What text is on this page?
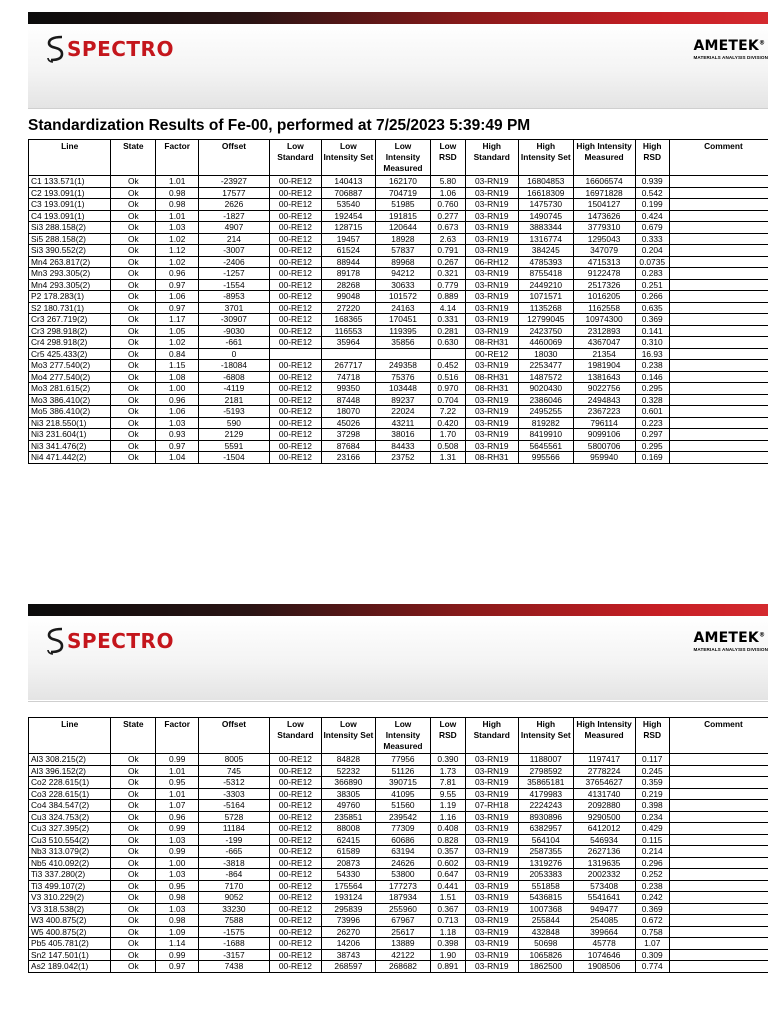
SPECTRO	AMETEK®
MATERIALS ANALYSIS DIVISION
Standardization Results of Fe-00, performed at 7/25/2023 5:39:49 PM
Line	State	Factor	Offset	Low Standard	Low Intensity Set	Low Intensity Measured	Low RSD	High Standard	High Intensity Set	High Intensity Measured	High RSD	Comment
C1 133.571(1)	Ok	1.01	-23927	00-RE12	140413	162170	5.80	03-RN19	16804853	16606574	0.939	
C2 193.091(1)	Ok	0.98	17577	00-RE12	706887	704719	1.06	03-RN19	16618309	16971828	0.542	
C3 193.091(1)	Ok	0.98	2626	00-RE12	53540	51985	0.760	03-RN19	1475730	1504127	0.199	
C4 193.091(1)	Ok	1.01	-1827	00-RE12	192454	191815	0.277	03-RN19	1490745	1473626	0.424	
Si3 288.158(2)	Ok	1.03	4907	00-RE12	128715	120644	0.673	03-RN19	3883344	3779310	0.679	
Si5 288.158(2)	Ok	1.02	214	00-RE12	19457	18928	2.63	03-RN19	1316774	1295043	0.333	
Si3 390.552(2)	Ok	1.12	-3007	00-RE12	61524	57837	0.791	03-RN19	384245	347079	0.204	
Mn4 263.817(2)	Ok	1.02	-2406	00-RE12	88944	89968	0.267	06-RH12	4785393	4715313	0.0735	
Mn3 293.305(2)	Ok	0.96	-1257	00-RE12	89178	94212	0.321	03-RN19	8755418	9122478	0.283	
Mn4 293.305(2)	Ok	0.97	-1554	00-RE12	28268	30633	0.779	03-RN19	2449210	2517326	0.251	
P2 178.283(1)	Ok	1.06	-8953	00-RE12	99048	101572	0.889	03-RN19	1071571	1016205	0.266	
S2 180.731(1)	Ok	0.97	3701	00-RE12	27220	24163	4.14	03-RN19	1135268	1162558	0.635	
Cr3 267.719(2)	Ok	1.17	-30907	00-RE12	168365	170451	0.331	03-RN19	12799045	10974300	0.369	
Cr3 298.918(2)	Ok	1.05	-9030	00-RE12	116553	119395	0.281	03-RN19	2423750	2312893	0.141	
Cr4 298.918(2)	Ok	1.02	-661	00-RE12	35964	35856	0.630	08-RH31	4460069	4367047	0.310	
Cr5 425.433(2)	Ok	0.84	0					00-RE12	18030	21354	16.93	
Mo3 277.540(2)	Ok	1.15	-18084	00-RE12	267717	249358	0.452	03-RN19	2253477	1981904	0.238	
Mo4 277.540(2)	Ok	1.08	-6808	00-RE12	74718	75376	0.516	08-RH31	1487572	1381643	0.146	
Mo3 281.615(2)	Ok	1.00	-4119	00-RE12	99350	103448	0.970	08-RH31	9020430	9022756	0.295	
Mo3 386.410(2)	Ok	0.96	2181	00-RE12	87448	89237	0.704	03-RN19	2386046	2494843	0.328	
Mo5 386.410(2)	Ok	1.06	-5193	00-RE12	18070	22024	7.22	03-RN19	2495255	2367223	0.601	
Ni3 218.550(1)	Ok	1.03	590	00-RE12	45026	43211	0.420	03-RN19	819282	796114	0.223	
Ni3 231.604(1)	Ok	0.93	2129	00-RE12	37298	38016	1.70	03-RN19	8419910	9099106	0.297	
Ni3 341.476(2)	Ok	0.97	5591	00-RE12	87684	84433	0.508	03-RN19	5645561	5800706	0.295	
Ni4 471.442(2)	Ok	1.04	-1504	00-RE12	23166	23752	1.31	08-RH31	995566	959940	0.169	
SPECTRO	AMETEK®
MATERIALS ANALYSIS DIVISION
Line	State	Factor	Offset	Low Standard	Low Intensity Set	Low Intensity Measured	Low RSD	High Standard	High Intensity Set	High Intensity Measured	High RSD	Comment
Al3 308.215(2)	Ok	0.99	8005	00-RE12	84828	77956	0.390	03-RN19	1188007	1197417	0.117	
Al3 396.152(2)	Ok	1.01	745	00-RE12	52232	51126	1.73	03-RN19	2798592	2778224	0.245	
Co2 228.615(1)	Ok	0.95	-5312	00-RE12	366890	390715	7.81	03-RN19	35865181	37654627	0.359	
Co3 228.615(1)	Ok	1.01	-3303	00-RE12	38305	41095	9.55	03-RN19	4179983	4131740	0.219	
Co4 384.547(2)	Ok	1.07	-5164	00-RE12	49760	51560	1.19	07-RH18	2224243	2092880	0.398	
Cu3 324.753(2)	Ok	0.96	5728	00-RE12	235851	239542	1.16	03-RN19	8930896	9290500	0.234	
Cu3 327.395(2)	Ok	0.99	11184	00-RE12	88008	77309	0.408	03-RN19	6382957	6412012	0.429	
Cu3 510.554(2)	Ok	1.03	-199	00-RE12	62415	60686	0.828	03-RN19	564104	546934	0.115	
Nb3 313.079(2)	Ok	0.99	-665	00-RE12	61589	63194	0.357	03-RN19	2587355	2627136	0.214	
Nb5 410.092(2)	Ok	1.00	-3818	00-RE12	20873	24626	0.602	03-RN19	1319276	1319635	0.296	
Ti3 337.280(2)	Ok	1.03	-864	00-RE12	54330	53800	0.647	03-RN19	2053383	2002332	0.252	
Ti3 499.107(2)	Ok	0.95	7170	00-RE12	175564	177273	0.441	03-RN19	551858	573408	0.238	
V3 310.229(2)	Ok	0.98	9052	00-RE12	193124	187934	1.51	03-RN19	5436815	5541641	0.242	
V3 318.538(2)	Ok	1.03	33230	00-RE12	295839	255960	0.367	03-RN19	1007368	949477	0.369	
W3 400.875(2)	Ok	0.98	7588	00-RE12	73996	67967	0.713	03-RN19	255844	254085	0.672	
W5 400.875(2)	Ok	1.09	-1575	00-RE12	26270	25617	1.18	03-RN19	432848	399664	0.758	
Pb5 405.781(2)	Ok	1.14	-1688	00-RE12	14206	13889	0.398	03-RN19	50698	45778	1.07	
Sn2 147.501(1)	Ok	0.99	-3157	00-RE12	38743	42122	1.90	03-RN19	1065826	1074646	0.309	
As2 189.042(1)	Ok	0.97	7438	00-RE12	268597	268682	0.891	03-RN19	1862500	1908506	0.774	
